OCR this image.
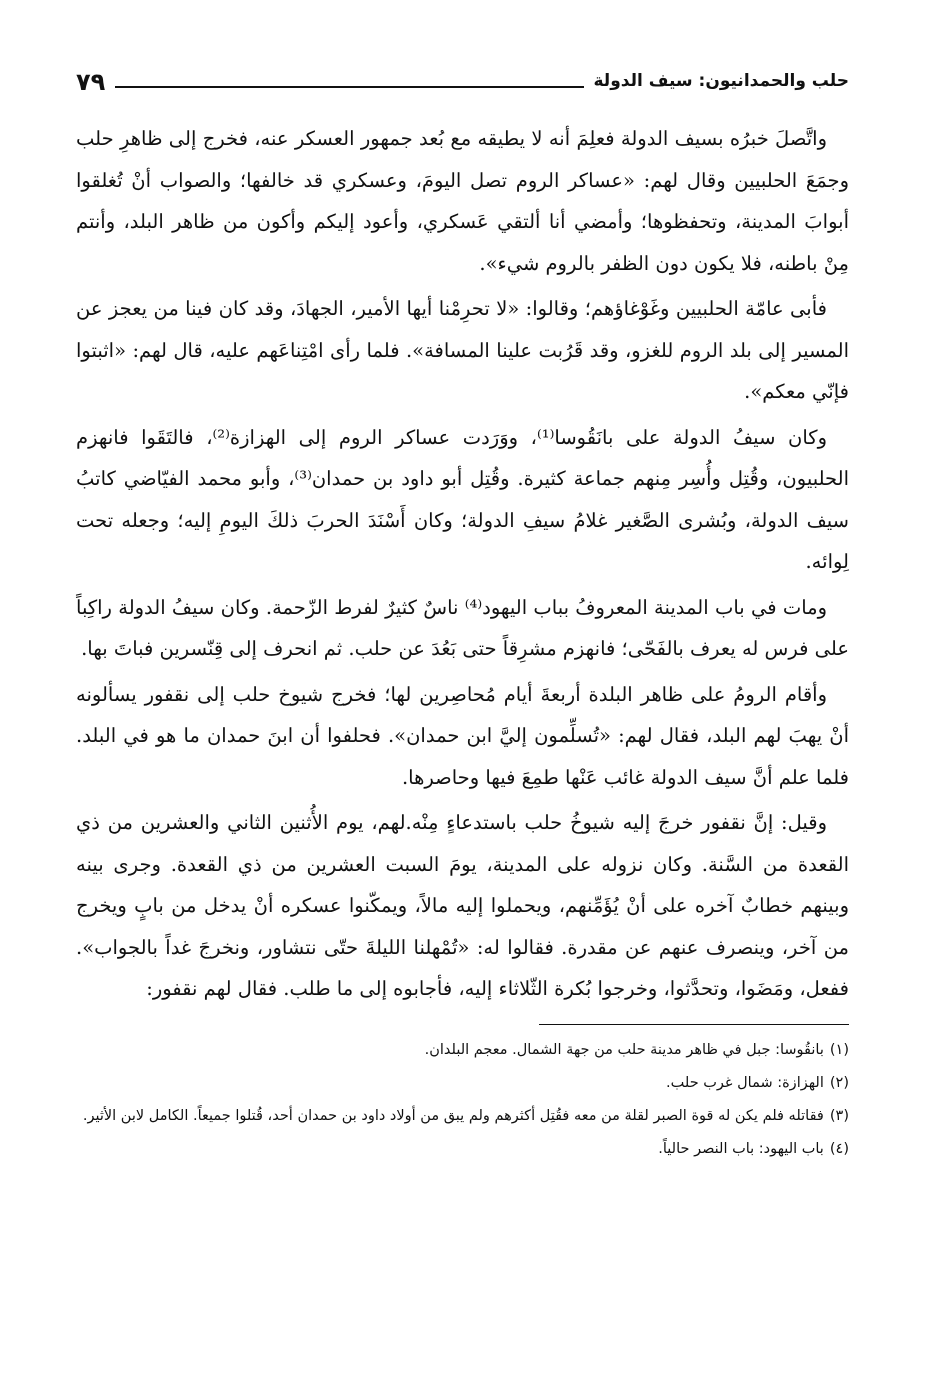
حلب والحمدانيون: سيف الدولة
٧٩

واتَّصلَ خبرُه بسيف الدولة فعلِمَ أنه لا يطيقه مع بُعد جمهور العسكر عنه، فخرج إلى ظاهرِ حلب وجمَعَ الحلبيين وقال لهم: «عساكر الروم تصل اليومَ، وعسكري قد خالفها؛ والصواب أنْ تُغلقوا أبوابَ المدينة، وتحفظوها؛ وأمضي أنا ألتقي عَسكري، وأعود إليكم وأكون من ظاهر البلد، وأنتم مِنْ باطنه، فلا يكون دون الظفر بالروم شيء».

فأبى عامّة الحلبيين وغَوْغاؤهم؛ وقالوا: «لا تحرِمْنا أيها الأمير، الجهادَ، وقد كان فينا من يعجز عن المسير إلى بلد الروم للغزو، وقد قَرُبت علينا المسافة». فلما رأى امْتِناعَهم عليه، قال لهم: «اثبتوا فإنّي معكم».

وكان سيفُ الدولة على بانَقُوسا⁽¹⁾، ووَرَدت عساكر الروم إلى الهزازة⁽²⁾، فالتَقَوا فانهزم الحلبيون، وقُتِل وأُسِر مِنهم جماعة كثيرة. وقُتِل أبو داود بن حمدان⁽³⁾، وأبو محمد الفيّاضي كاتبُ سيف الدولة، وبُشرى الصَّغير غلامُ سيفِ الدولة؛ وكان أَسْنَدَ الحربَ ذلكَ اليومِ إليه؛ وجعله تحت لِوائه.

ومات في باب المدينة المعروفُ بباب اليهود⁽⁴⁾ ناسٌ كثيرٌ لفرط الزّحمة. وكان سيفُ الدولة راكِباً على فرس له يعرف بالفَحّى؛ فانهزم مشرِقاً حتى بَعُدَ عن حلب. ثم انحرف إلى قِنّسرين فباتَ بها.

وأقام الرومُ على ظاهر البلدة أربعةَ أيام مُحاصِرين لها؛ فخرج شيوخ حلب إلى نقفور يسألونه أنْ يهبَ لهم البلد، فقال لهم: «تُسلِّمون إليَّ ابن حمدان». فحلفوا أن ابنَ حمدان ما هو في البلد. فلما علم أنَّ سيف الدولة غائب عَنْها طمِعَ فيها وحاصرها.

وقيل: إنَّ نقفور خرجَ إليه شيوخُ حلب باستدعاءٍ مِنْه.لهم، يوم الأُثنين الثاني والعشرين من ذي القعدة من السَّنة. وكان نزوله على المدينة، يومَ السبت العشرين من ذي القعدة. وجرى بينه وبينهم خطابٌ آخره على أنْ يُؤَمِّنهم، ويحملوا إليه مالاً، ويمكّنوا عسكره أنْ يدخل من بابٍ ويخرج من آخر، وينصرف عنهم عن مقدرة. فقالوا له: «تُمْهلنا الليلةَ حتّى نتشاور، ونخرجَ غداً بالجواب». ففعل، ومَضَوا، وتحدَّثوا، وخرجوا بُكرة الثّلاثاء إليه، فأجابوه إلى ما طلب. فقال لهم نقفور:

(١)بانقُوسا: جبل في ظاهر مدينة حلب من جهة الشمال. معجم البلدان.

(٢)الهزازة: شمال غرب حلب.

(٣)فقاتله فلم يكن له قوة الصبر لقلة من معه فقُتِل أكثرهم ولم يبق من أولاد داود بن حمدان أحد، قُتلوا جميعاً. الكامل لابن الأثير.

(٤)باب اليهود: باب النصر حالياً.
